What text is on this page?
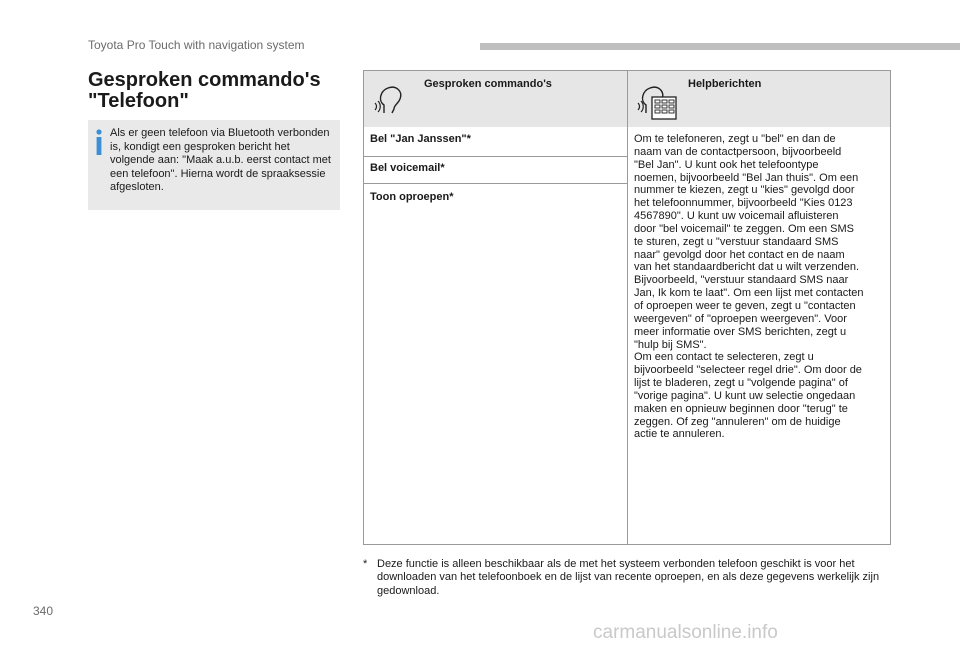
Toyota Pro Touch with navigation system
Gesproken commando's "Telefoon"
Als er geen telefoon via Bluetooth verbonden is, kondigt een gesproken bericht het volgende aan: "Maak a.u.b. eerst contact met een telefoon". Hierna wordt de spraaksessie afgesloten.
Gesproken commando's	Helpberichten
Bel "Jan Janssen"*
Bel voicemail*
Toon oproepen*
Om te telefoneren, zegt u "bel" en dan de
naam van de contactpersoon, bijvoorbeeld
"Bel Jan". U kunt ook het telefoontype
noemen, bijvoorbeeld "Bel Jan thuis". Om een
nummer te kiezen, zegt u "kies" gevolgd door
het telefoonnummer, bijvoorbeeld "Kies 0123
4567890". U kunt uw voicemail afluisteren
door "bel voicemail" te zeggen. Om een SMS
te sturen, zegt u "verstuur standaard SMS
naar" gevolgd door het contact en de naam
van het standaardbericht dat u wilt verzenden.
Bijvoorbeeld, "verstuur standaard SMS naar
Jan, Ik kom te laat". Om een lijst met contacten
of oproepen weer te geven, zegt u "contacten
weergeven" of "oproepen weergeven". Voor
meer informatie over SMS berichten, zegt u
"hulp bij SMS".
Om een contact te selecteren, zegt u
bijvoorbeeld "selecteer regel drie". Om door de
lijst te bladeren, zegt u "volgende pagina" of
"vorige pagina". U kunt uw selectie ongedaan
maken en opnieuw beginnen door "terug" te
zeggen. Of zeg "annuleren" om de huidige
actie te annuleren.
* Deze functie is alleen beschikbaar als de met het systeem verbonden telefoon geschikt is voor het downloaden van het telefoonboek en de lijst van recente oproepen, en als deze gegevens werkelijk zijn gedownload.
340
carmanualsonline.info
